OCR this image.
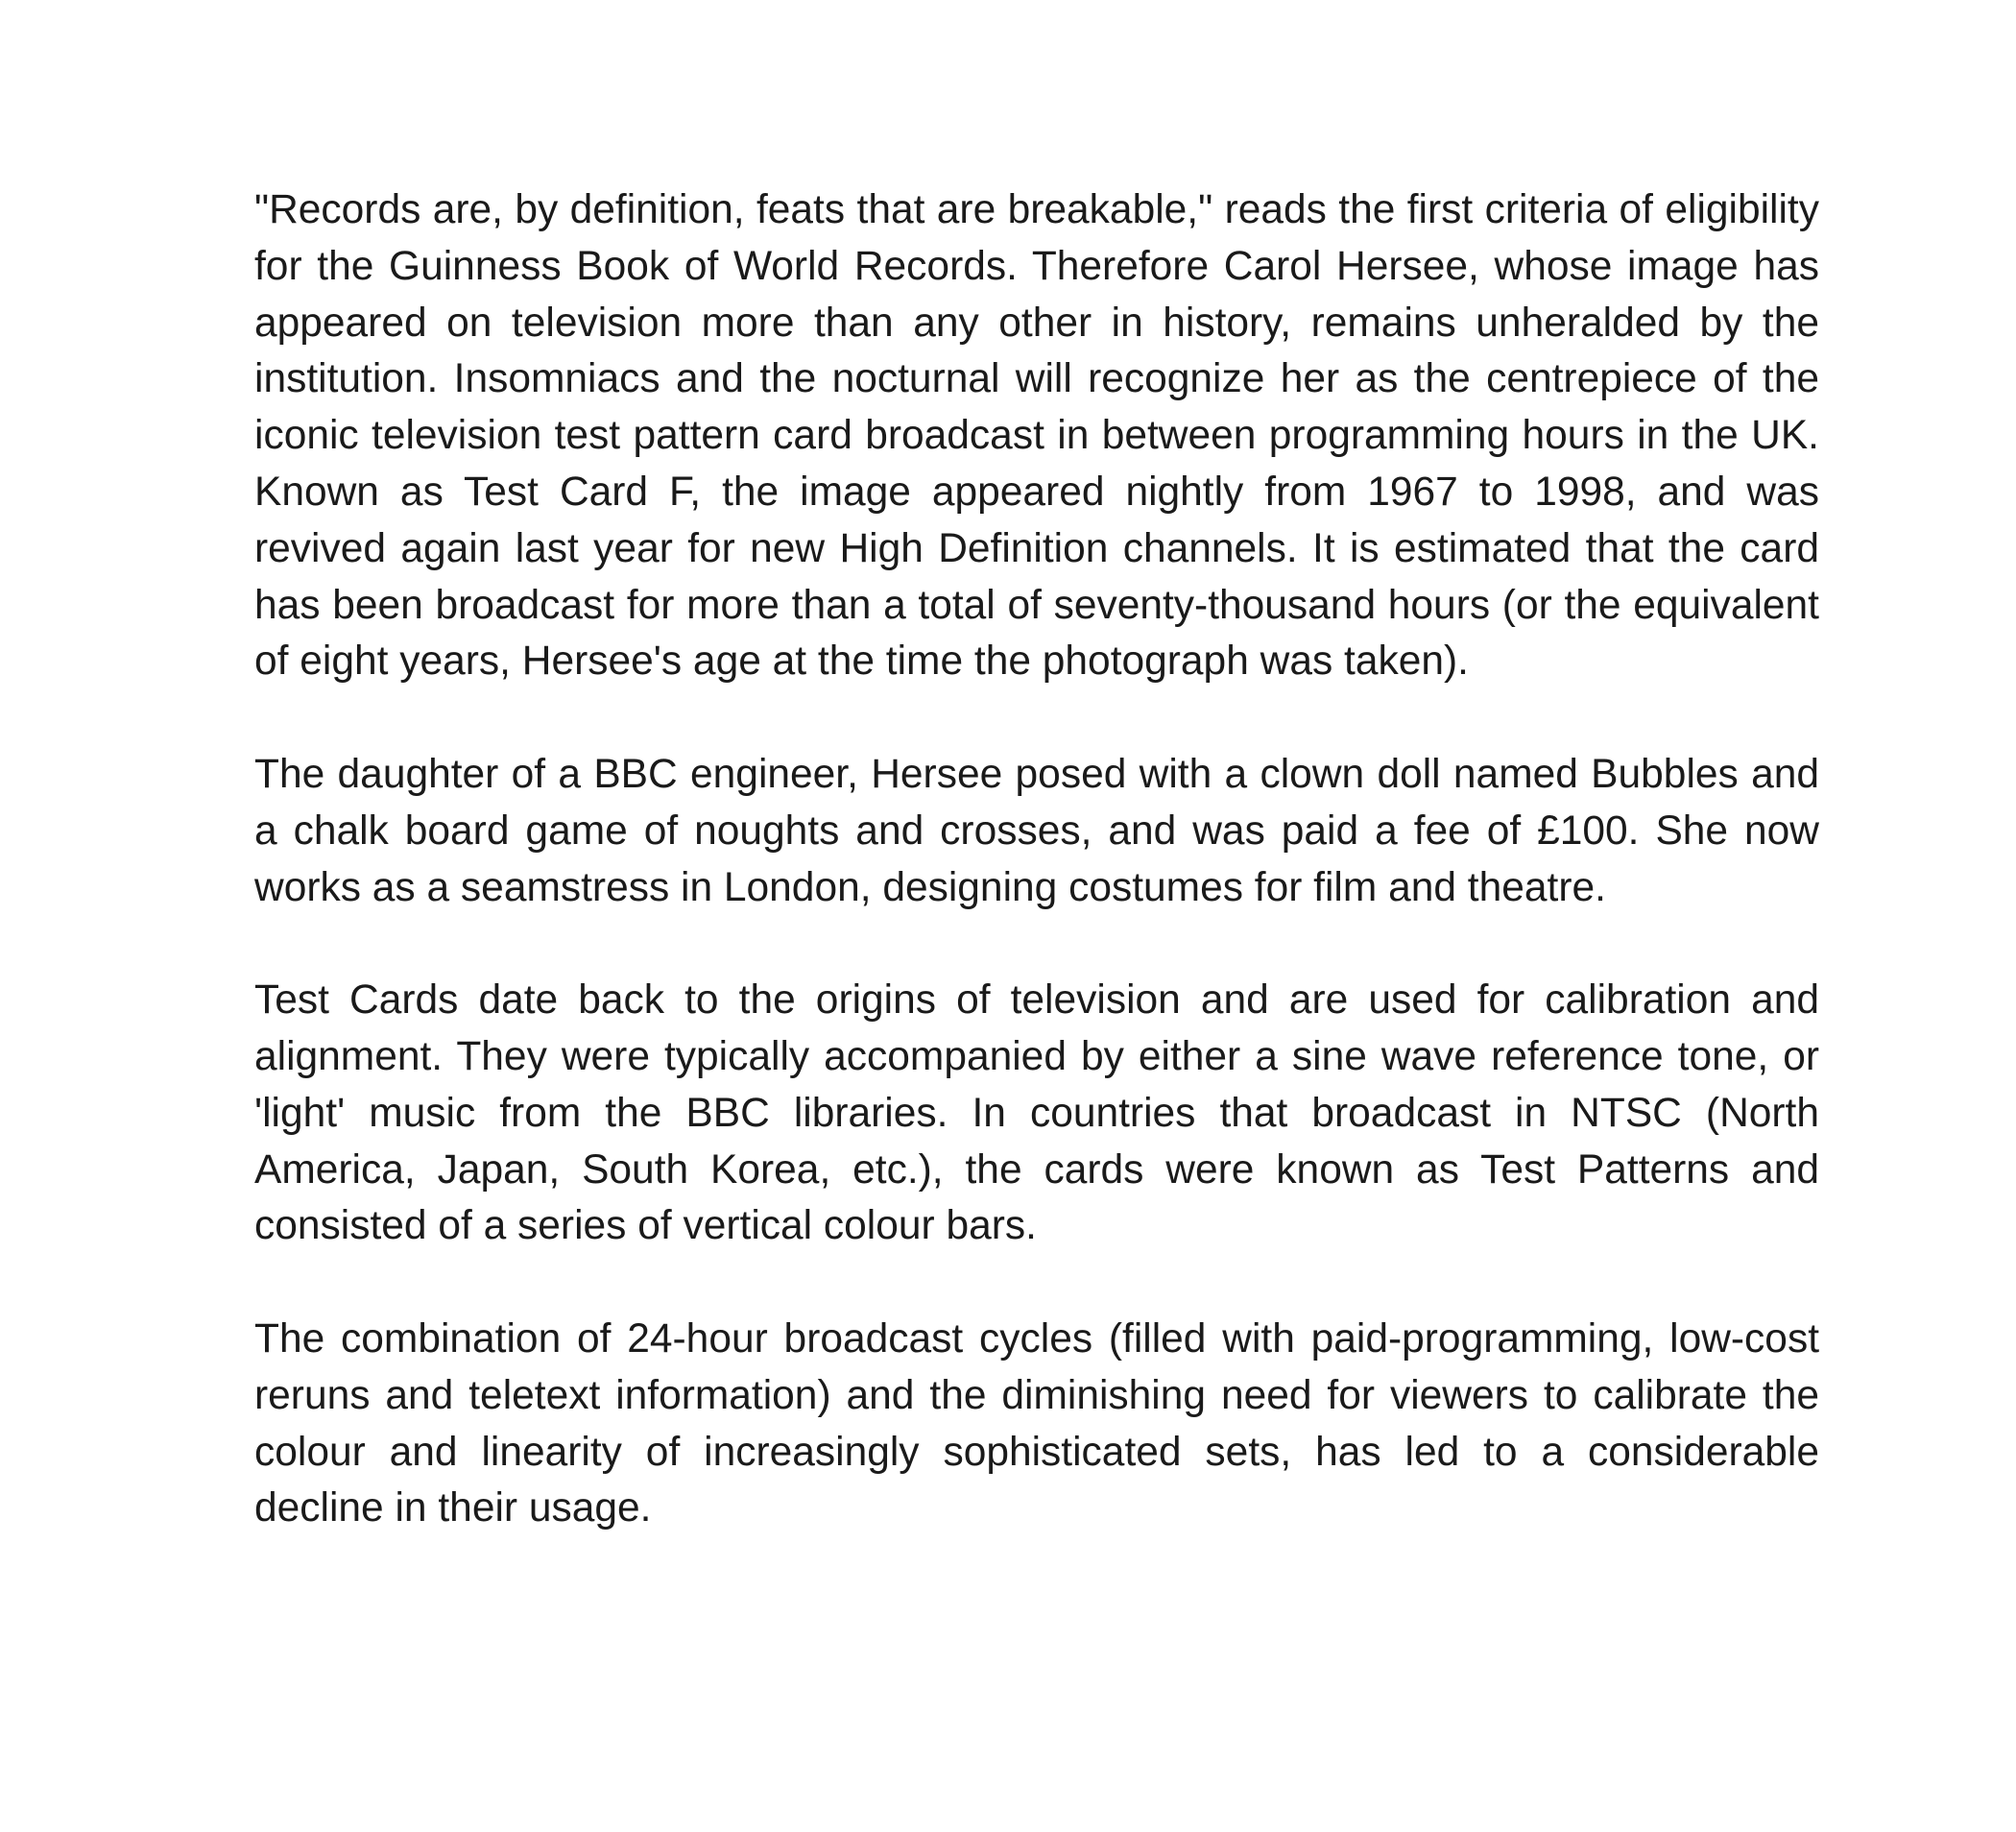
"Records are, by definition, feats that are breakable," reads the first criteria of eligibility for the Guinness Book of World Records. Therefore Carol Hersee, whose image has appeared on television more than any other in history, remains unheralded by the institution. Insomniacs and the nocturnal will recognize her as the centrepiece of the iconic television test pattern card broadcast in between programming hours in the UK. Known as Test Card F, the image appeared nightly from 1967 to 1998, and was revived again last year for new High Definition channels. It is estimated that the card has been broadcast for more than a total of seventy-thousand hours (or the equivalent of eight years, Hersee's age at the time the photograph was taken).

The daughter of a BBC engineer, Hersee posed with a clown doll named Bubbles and a chalk board game of noughts and crosses, and was paid a fee of £100. She now works as a seamstress in London, designing costumes for film and theatre.

Test Cards date back to the origins of television and are used for calibration and alignment. They were typically accompanied by either a sine wave reference tone, or 'light' music from the BBC libraries. In countries that broadcast in NTSC (North America, Japan, South Korea, etc.), the cards were known as Test Patterns and consisted of a series of vertical colour bars.

The combination of 24-hour broadcast cycles (filled with paid-programming, low-cost reruns and teletext information) and the diminishing need for viewers to calibrate the colour and linearity of increasingly sophisticated sets, has led to a considerable decline in their usage.
